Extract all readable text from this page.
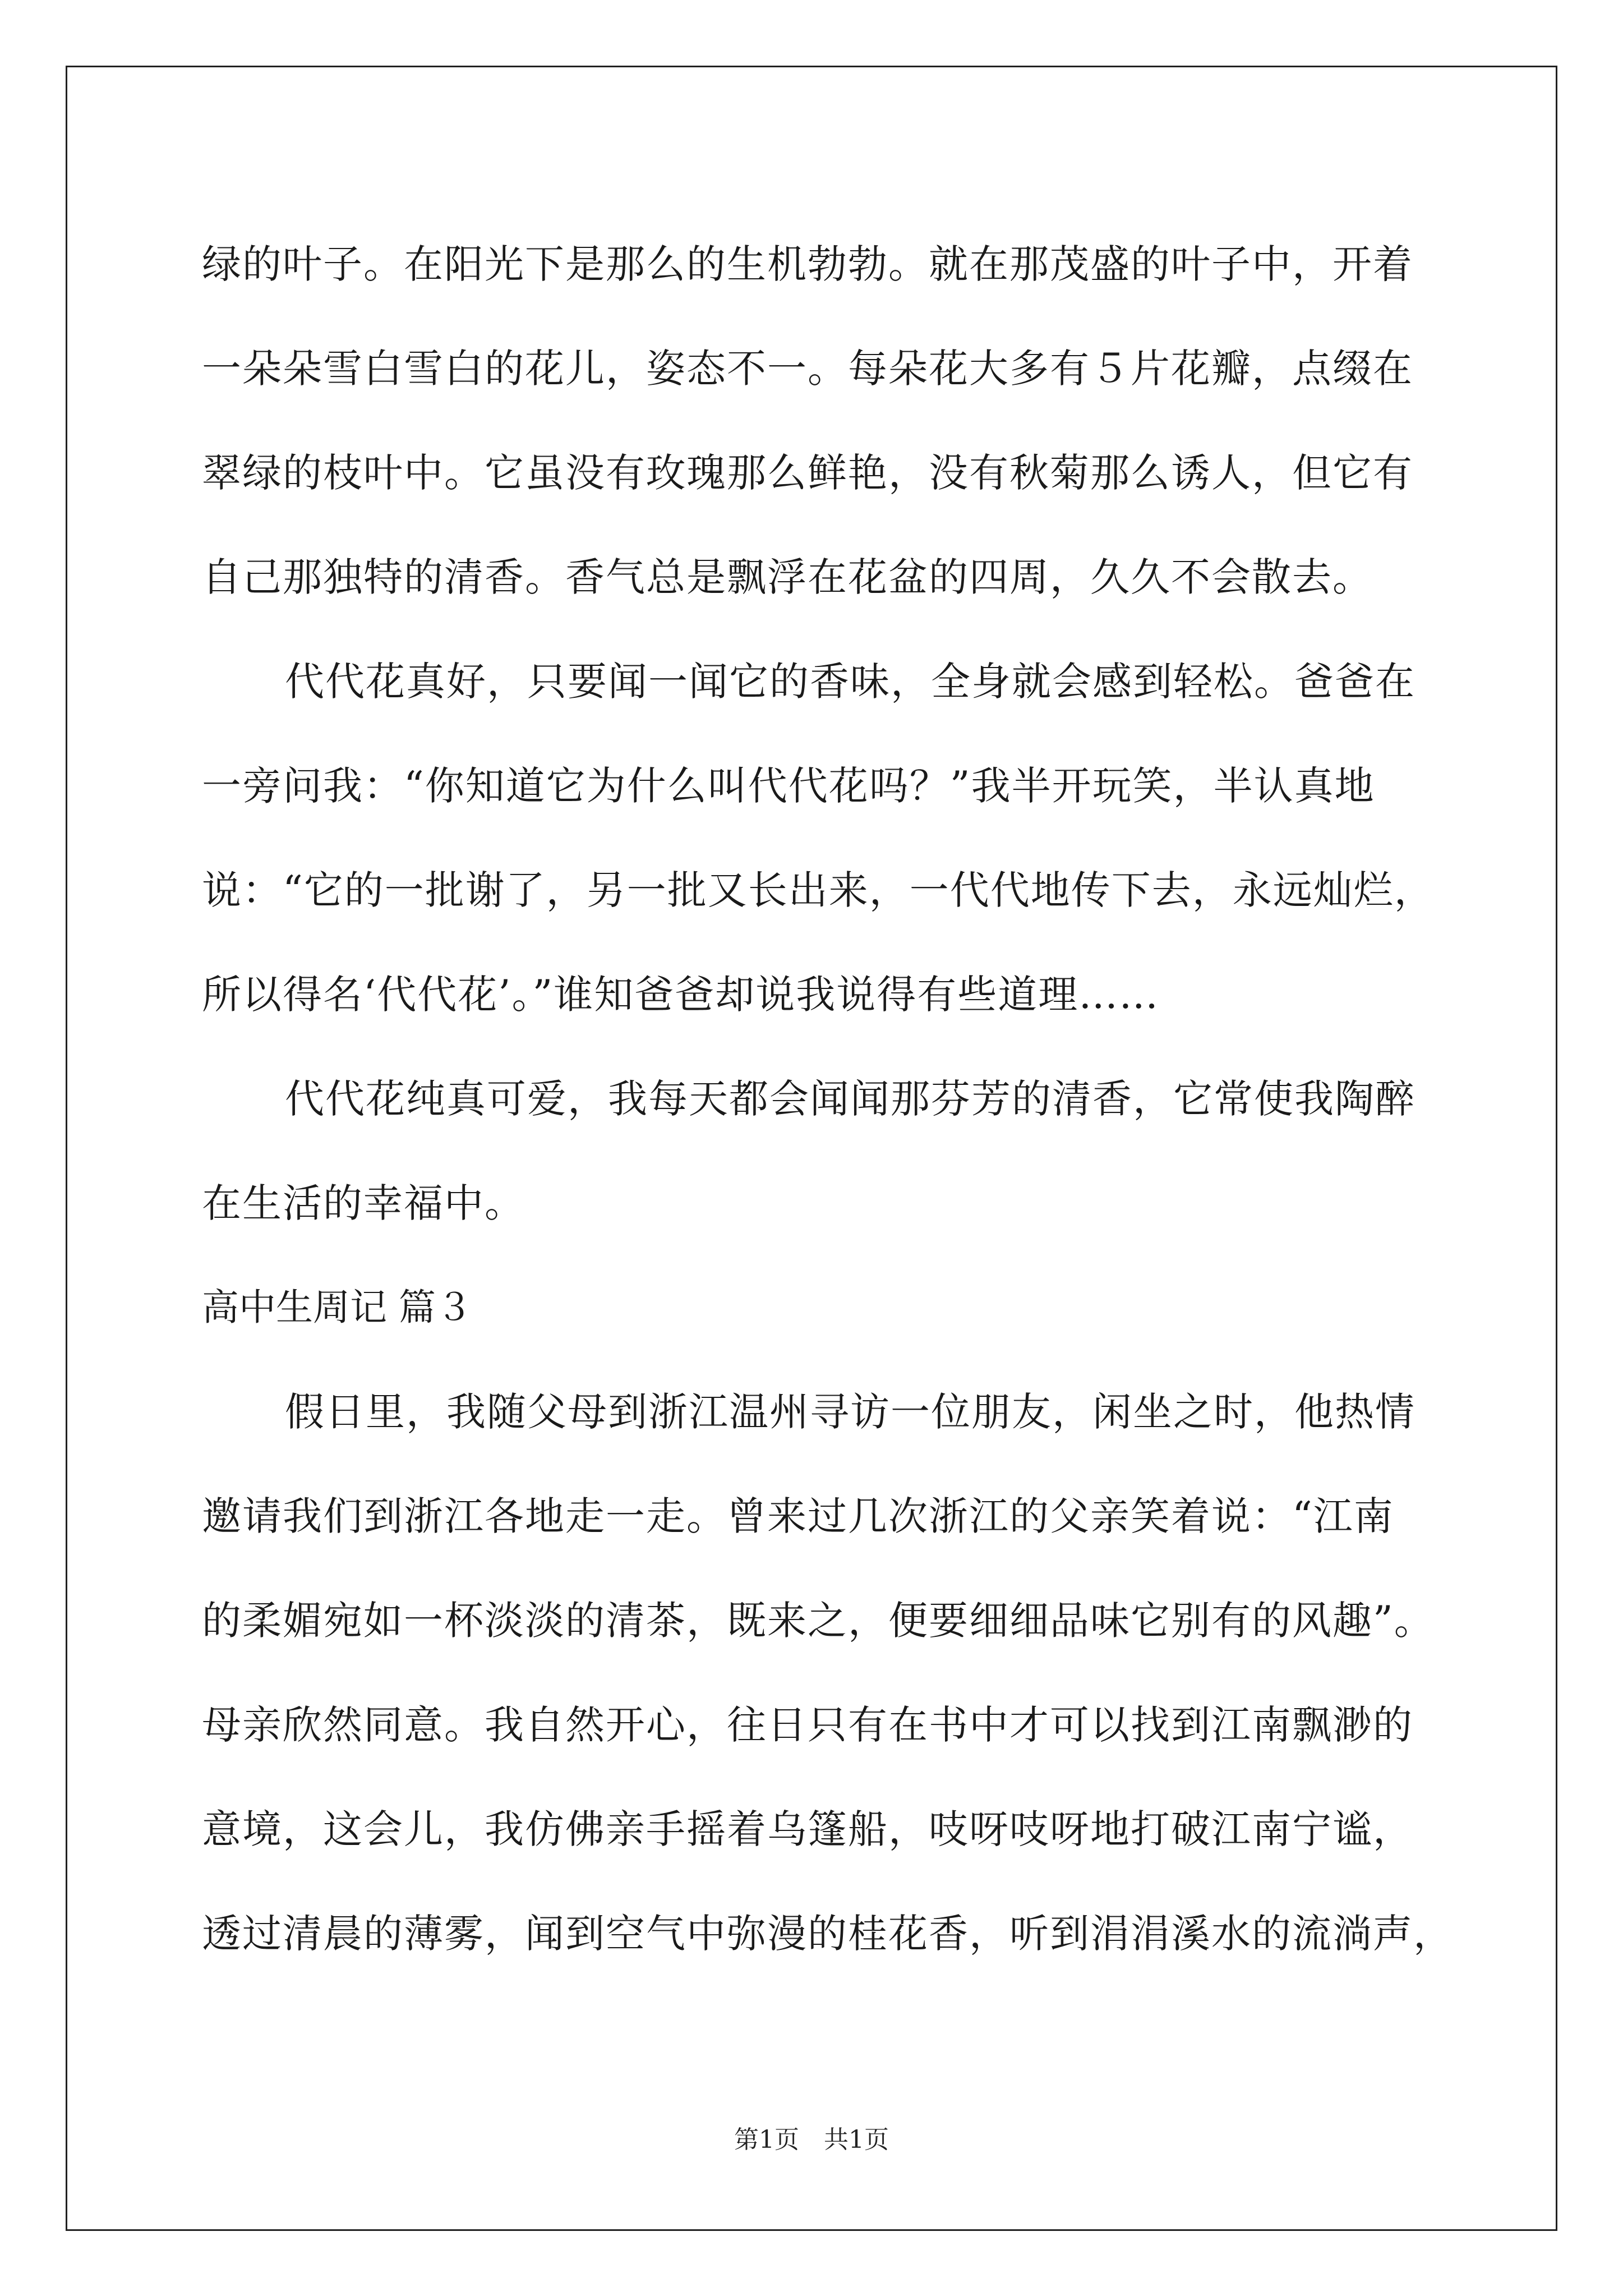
绿的叶子。在阳光下是那么的生机勃勃。就在那茂盛的叶子中，开着
一朵朵雪白雪白的花儿，姿态不一。每朵花大多有５片花瓣，点缀在
翠绿的枝叶中。它虽没有玫瑰那么鲜艳，没有秋菊那么诱人，但它有
自己那独特的清香。香气总是飘浮在花盆的四周，久久不会散去。
代代花真好，只要闻一闻它的香味，全身就会感到轻松。爸爸在
一旁问我：“你知道它为什么叫代代花吗？”我半开玩笑，半认真地
说：“它的一批谢了，另一批又长出来，一代代地传下去，永远灿烂，
所以得名‘代代花’。”谁知爸爸却说我说得有些道理……
代代花纯真可爱，我每天都会闻闻那芬芳的清香，它常使我陶醉
在生活的幸福中。
高中生周记 篇３
假日里，我随父母到浙江温州寻访一位朋友，闲坐之时，他热情
邀请我们到浙江各地走一走。曾来过几次浙江的父亲笑着说：“江南
的柔媚宛如一杯淡淡的清茶，既来之，便要细细品味它别有的风趣”。
母亲欣然同意。我自然开心，往日只有在书中才可以找到江南飘渺的
意境，这会儿，我仿佛亲手摇着乌篷船，吱呀吱呀地打破江南宁谧，
透过清晨的薄雾，闻到空气中弥漫的桂花香，听到涓涓溪水的流淌声，
第1页　共1页
